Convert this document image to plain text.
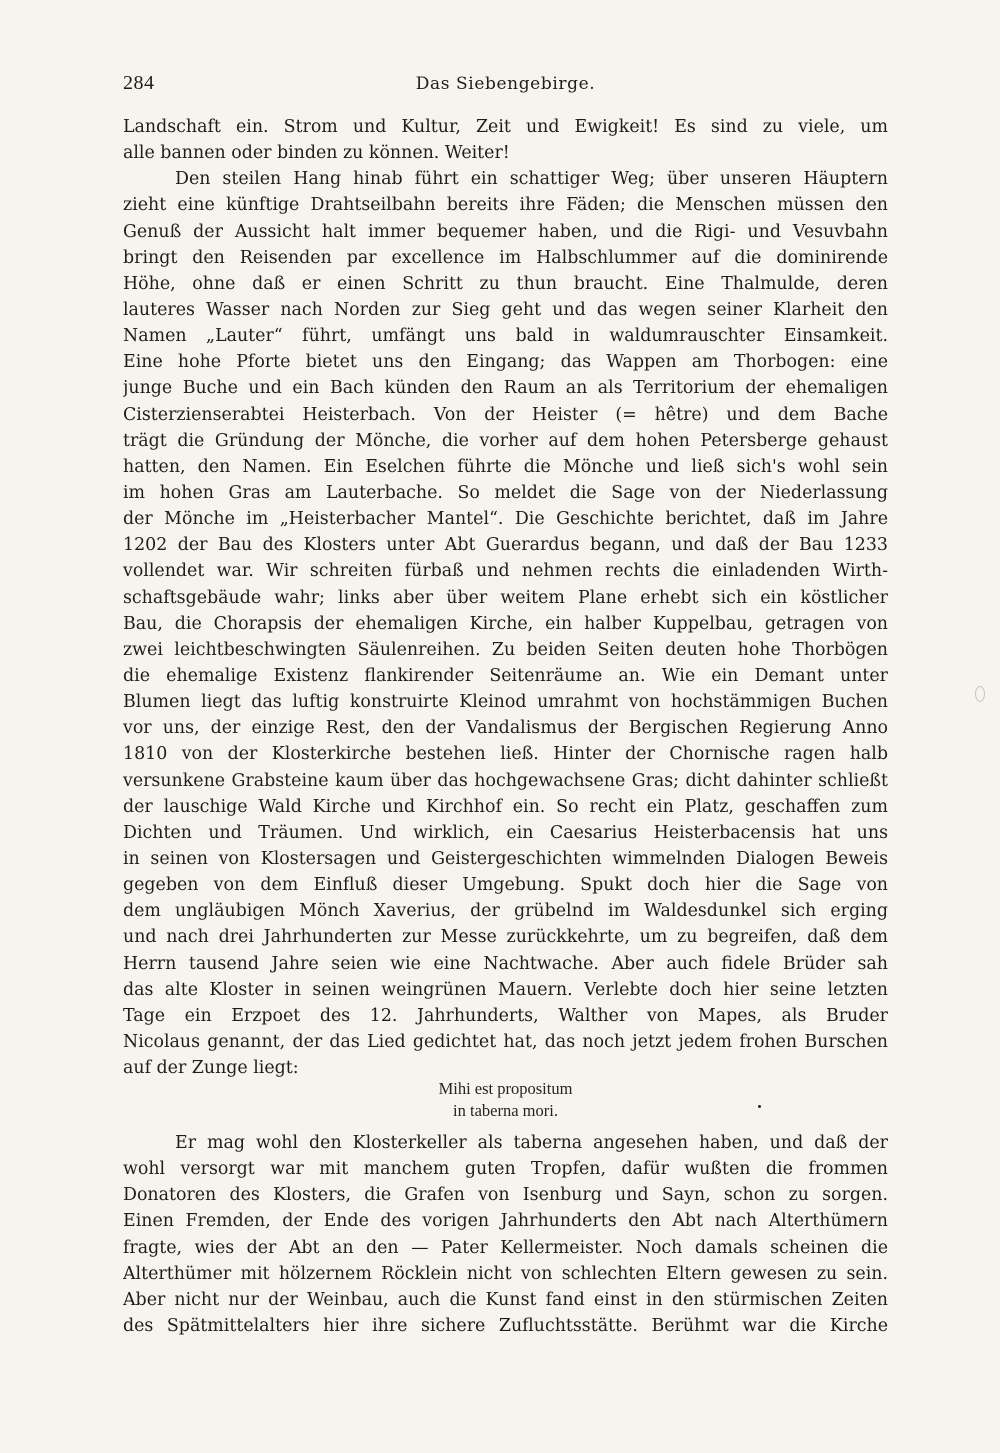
284	Das Siebengebirge.
Landschaft ein. Strom und Kultur, Zeit und Ewigkeit! Es sind zu viele, um
alle bannen oder binden zu können. Weiter!
Den steilen Hang hinab führt ein schattiger Weg; über unseren Häuptern
zieht eine künftige Drahtseilbahn bereits ihre Fäden; die Menschen müssen den
Genuß der Aussicht halt immer bequemer haben, und die Rigi- und Vesuvbahn
bringt den Reisenden par excellence im Halbschlummer auf die dominirende
Höhe, ohne daß er einen Schritt zu thun braucht. Eine Thalmulde, deren
lauteres Wasser nach Norden zur Sieg geht und das wegen seiner Klarheit den
Namen „Lauter“ führt, umfängt uns bald in waldumrauschter Einsamkeit.
Eine hohe Pforte bietet uns den Eingang; das Wappen am Thorbogen: eine
junge Buche und ein Bach künden den Raum an als Territorium der ehemaligen
Cisterzienserabtei Heisterbach. Von der Heister (= hêtre) und dem Bache
trägt die Gründung der Mönche, die vorher auf dem hohen Petersberge gehaust
hatten, den Namen. Ein Eselchen führte die Mönche und ließ sich's wohl sein
im hohen Gras am Lauterbache. So meldet die Sage von der Niederlassung
der Mönche im „Heisterbacher Mantel“. Die Geschichte berichtet, daß im Jahre
1202 der Bau des Klosters unter Abt Guerardus begann, und daß der Bau 1233
vollendet war. Wir schreiten fürbaß und nehmen rechts die einladenden Wirth-
schaftsgebäude wahr; links aber über weitem Plane erhebt sich ein köstlicher
Bau, die Chorapsis der ehemaligen Kirche, ein halber Kuppelbau, getragen von
zwei leichtbeschwingten Säulenreihen. Zu beiden Seiten deuten hohe Thorbögen
die ehemalige Existenz flankirender Seitenräume an. Wie ein Demant unter
Blumen liegt das luftig konstruirte Kleinod umrahmt von hochstämmigen Buchen
vor uns, der einzige Rest, den der Vandalismus der Bergischen Regierung Anno
1810 von der Klosterkirche bestehen ließ. Hinter der Chornische ragen halb
versunkene Grabsteine kaum über das hochgewachsene Gras; dicht dahinter schließt
der lauschige Wald Kirche und Kirchhof ein. So recht ein Platz, geschaffen zum
Dichten und Träumen. Und wirklich, ein Caesarius Heisterbacensis hat uns
in seinen von Klostersagen und Geistergeschichten wimmelnden Dialogen Beweis
gegeben von dem Einfluß dieser Umgebung. Spukt doch hier die Sage von
dem ungläubigen Mönch Xaverius, der grübelnd im Waldesdunkel sich erging
und nach drei Jahrhunderten zur Messe zurückkehrte, um zu begreifen, daß dem
Herrn tausend Jahre seien wie eine Nachtwache. Aber auch fidele Brüder sah
das alte Kloster in seinen weingrünen Mauern. Verlebte doch hier seine letzten
Tage ein Erzpoet des 12. Jahrhunderts, Walther von Mapes, als Bruder
Nicolaus genannt, der das Lied gedichtet hat, das noch jetzt jedem frohen Burschen
auf der Zunge liegt:
Mihi est propositum
in taberna mori.
Er mag wohl den Klosterkeller als taberna angesehen haben, und daß der
wohl versorgt war mit manchem guten Tropfen, dafür wußten die frommen
Donatoren des Klosters, die Grafen von Isenburg und Sayn, schon zu sorgen.
Einen Fremden, der Ende des vorigen Jahrhunderts den Abt nach Alterthümern
fragte, wies der Abt an den — Pater Kellermeister. Noch damals scheinen die
Alterthümer mit hölzernem Röcklein nicht von schlechten Eltern gewesen zu sein.
Aber nicht nur der Weinbau, auch die Kunst fand einst in den stürmischen Zeiten
des Spätmittelalters hier ihre sichere Zufluchtsstätte. Berühmt war die Kirche
